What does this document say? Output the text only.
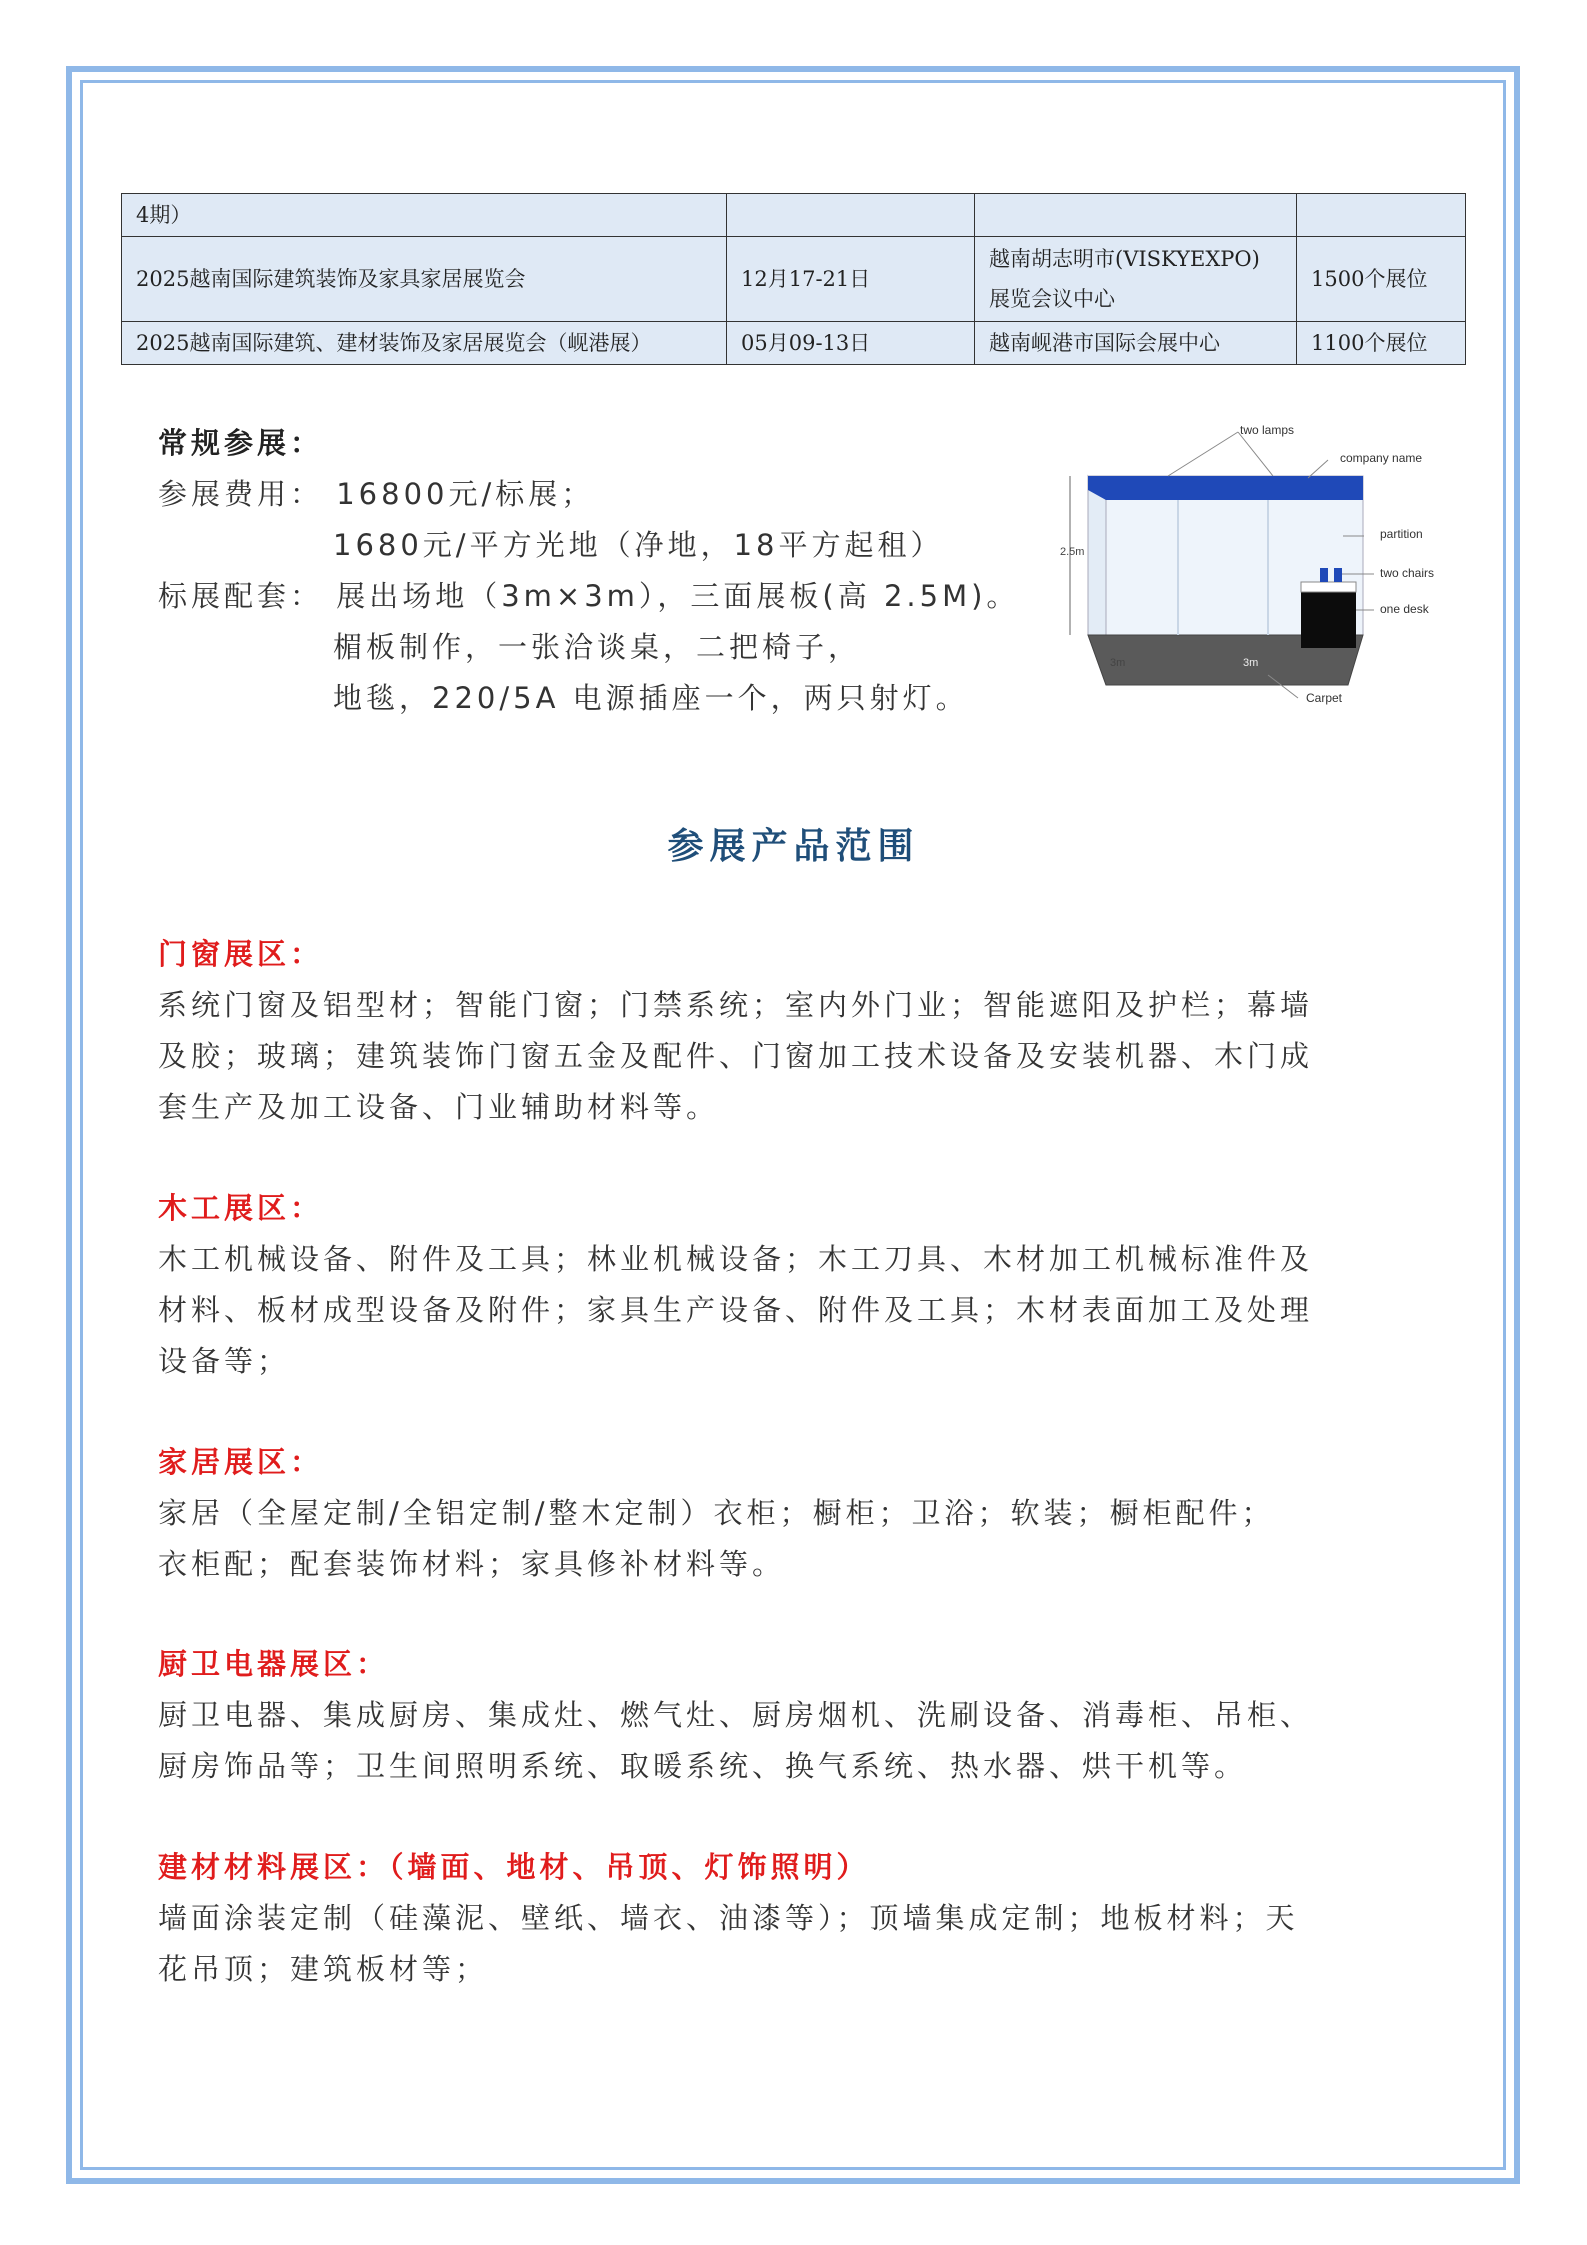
4期）			
2025越南国际建筑装饰及家具家居展览会	12月17-21日	越南胡志明市(VISKYEXPO)
展览会议中心	1500个展位
2025越南国际建筑、建材装饰及家居展览会（岘港展）	05月09-13日	越南岘港市国际会展中心	1100个展位
常规参展：
参展费用： 16800元/标展；
1680元/平方光地（净地，18平方起租）
标展配套： 展出场地（3m×3m），三面展板(高 2.5M)。
楣板制作，一张洽谈桌，二把椅子，
地毯，220/5A 电源插座一个，两只射灯。
2.5m
3m	3m
two lamps
company name
partition
two chairs
one desk
Carpet
参展产品范围
门窗展区：
系统门窗及铝型材；智能门窗；门禁系统；室内外门业；智能遮阳及护栏；幕墙
及胶；玻璃；建筑装饰门窗五金及配件、门窗加工技术设备及安装机器、木门成
套生产及加工设备、门业辅助材料等。
木工展区：
木工机械设备、附件及工具；林业机械设备；木工刀具、木材加工机械标准件及
材料、板材成型设备及附件；家具生产设备、附件及工具；木材表面加工及处理
设备等；
家居展区：
家居（全屋定制/全铝定制/整木定制）衣柜；橱柜；卫浴；软装；橱柜配件；
衣柜配；配套装饰材料；家具修补材料等。
厨卫电器展区：
厨卫电器、集成厨房、集成灶、燃气灶、厨房烟机、洗刷设备、消毒柜、吊柜、
厨房饰品等；卫生间照明系统、取暖系统、换气系统、热水器、烘干机等。
建材材料展区：（墙面、地材、吊顶、灯饰照明）
墙面涂装定制（硅藻泥、壁纸、墙衣、油漆等）；顶墙集成定制；地板材料；天
花吊顶；建筑板材等；
